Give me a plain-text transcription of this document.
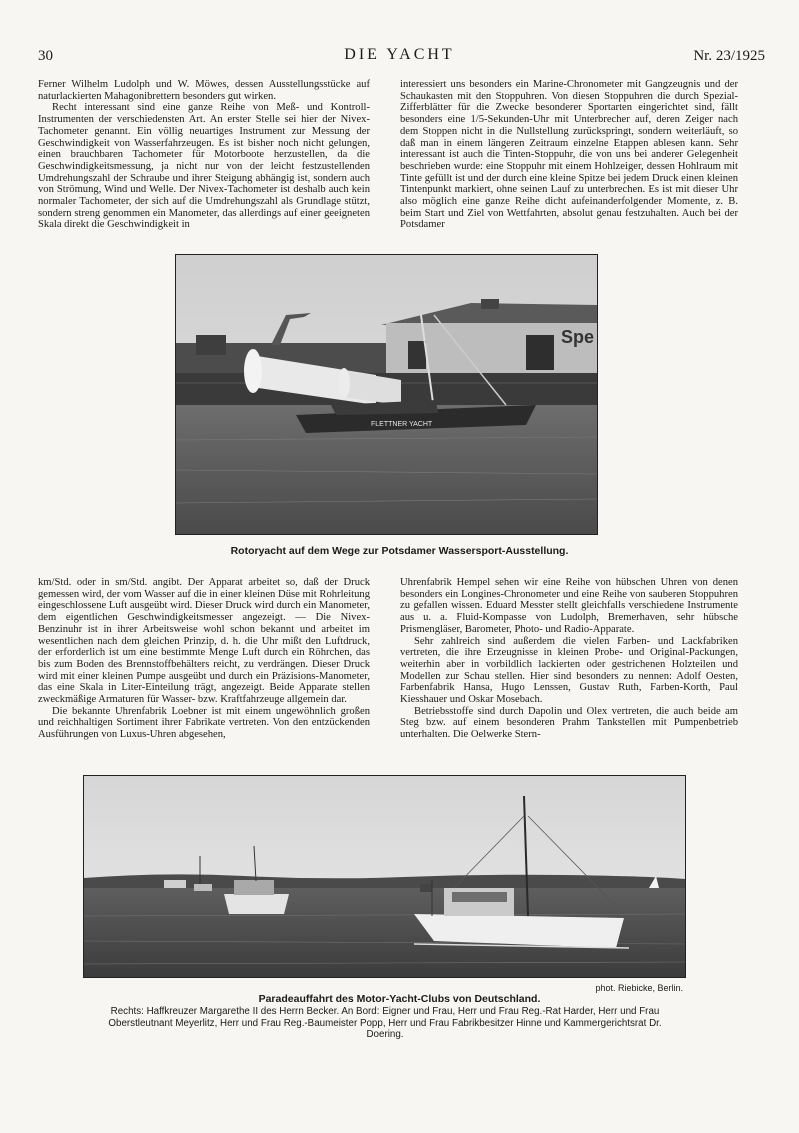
30	DIE YACHT	Nr. 23/1925

Ferner Wilhelm Ludolph und W. Möwes, dessen Ausstellungsstücke auf naturlackierten Mahagonibrettern besonders gut wirken.

Recht interessant sind eine ganze Reihe von Meß- und Kontroll-Instrumenten der verschiedensten Art. An erster Stelle sei hier der Nivex-Tachometer genannt. Ein völlig neuartiges Instrument zur Messung der Geschwindigkeit von Wasserfahrzeugen. Es ist bisher noch nicht gelungen, einen brauchbaren Tachometer für Motorboote herzustellen, da die Geschwindigkeitsmessung, ja nicht nur von der leicht festzustellenden Umdrehungszahl der Schraube und ihrer Steigung abhängig ist, sondern auch von Strömung, Wind und Welle. Der Nivex-Tachometer ist deshalb auch kein normaler Tachometer, der sich auf die Umdrehungszahl als Grundlage stützt, sondern streng genommen ein Manometer, das allerdings auf einer geeigneten Skala direkt die Geschwindigkeit in

interessiert uns besonders ein Marine-Chronometer mit Gangzeugnis und der Schaukasten mit den Stoppuhren. Von diesen Stoppuhren die durch Spezial-Zifferblätter für die Zwecke besonderer Sportarten eingerichtet sind, fällt besonders eine 1/5-Sekunden-Uhr mit Unterbrecher auf, deren Zeiger nach dem Stoppen nicht in die Nullstellung zurückspringt, sondern weiterläuft, so daß man in einem längeren Zeitraum einzelne Etappen ablesen kann. Sehr interessant ist auch die Tinten-Stoppuhr, die von uns bei anderer Gelegenheit beschrieben wurde: eine Stoppuhr mit einem Hohlzeiger, dessen Hohlraum mit Tinte gefüllt ist und der durch eine kleine Spitze bei jedem Druck einen kleinen Tintenpunkt markiert, ohne seinen Lauf zu unterbrechen. Es ist mit dieser Uhr also möglich eine ganze Reihe dicht aufeinanderfolgender Momente, z. B. beim Start und Ziel von Wettfahrten, absolut genau festzuhalten. Auch bei der Potsdamer

Spe
FLETTNER YACHT
Rotoryacht auf dem Wege zur Potsdamer Wassersport-Ausstellung.

km/Std. oder in sm/Std. angibt. Der Apparat arbeitet so, daß der Druck gemessen wird, der vom Wasser auf die in einer kleinen Düse mit Rohrleitung eingeschlossene Luft ausgeübt wird. Dieser Druck wird durch ein Manometer, dem eigentlichen Geschwindigkeitsmesser angezeigt. — Die Nivex-Benzinuhr ist in ihrer Arbeitsweise wohl schon bekannt und arbeitet im wesentlichen nach dem gleichen Prinzip, d. h. die Uhr mißt den Luftdruck, der erforderlich ist um eine bestimmte Menge Luft durch ein Röhrchen, das bis zum Boden des Brennstoffbehälters reicht, zu verdrängen. Dieser Druck wird mit einer kleinen Pumpe ausgeübt und durch ein Präzisions-Manometer, das eine Skala in Liter-Einteilung trägt, angezeigt. Beide Apparate stellen zweckmäßige Armaturen für Wasser- bzw. Kraftfahrzeuge allgemein dar.

Die bekannte Uhrenfabrik Loebner ist mit einem ungewöhnlich großen und reichhaltigen Sortiment ihrer Fabrikate vertreten. Von den entzückenden Ausführungen von Luxus-Uhren abgesehen,

Uhrenfabrik Hempel sehen wir eine Reihe von hübschen Uhren von denen besonders ein Longines-Chronometer und eine Reihe von sauberen Stoppuhren zu gefallen wissen. Eduard Messter stellt gleichfalls verschiedene Instrumente aus u. a. Fluid-Kompasse von Ludolph, Bremerhaven, sehr hübsche Prismengläser, Barometer, Photo- und Radio-Apparate.

Sehr zahlreich sind außerdem die vielen Farben- und Lackfabriken vertreten, die ihre Erzeugnisse in kleinen Probe- und Original-Packungen, weiterhin aber in vorbildlich lackierten oder gestrichenen Holzteilen und Modellen zur Schau stellen. Hier sind besonders zu nennen: Adolf Oesten, Farbenfabrik Hansa, Hugo Lenssen, Gustav Ruth, Farben-Korth, Paul Kiesshauer und Oskar Mosebach.

Betriebsstoffe sind durch Dapolin und Olex vertreten, die auch beide am Steg bzw. auf einem besonderen Prahm Tankstellen mit Pumpenbetrieb unterhalten. Die Oelwerke Stern-

phot. Riebicke, Berlin.
Paradeauffahrt des Motor-Yacht-Clubs von Deutschland.
Rechts: Haffkreuzer Margarethe II des Herrn Becker. An Bord: Eigner und Frau, Herr und Frau Reg.-Rat Harder, Herr und Frau Oberstleutnant Meyerlitz, Herr und Frau Reg.-Baumeister Popp, Herr und Frau Fabrikbesitzer Hinne und Kammergerichtsrat Dr. Doering.
